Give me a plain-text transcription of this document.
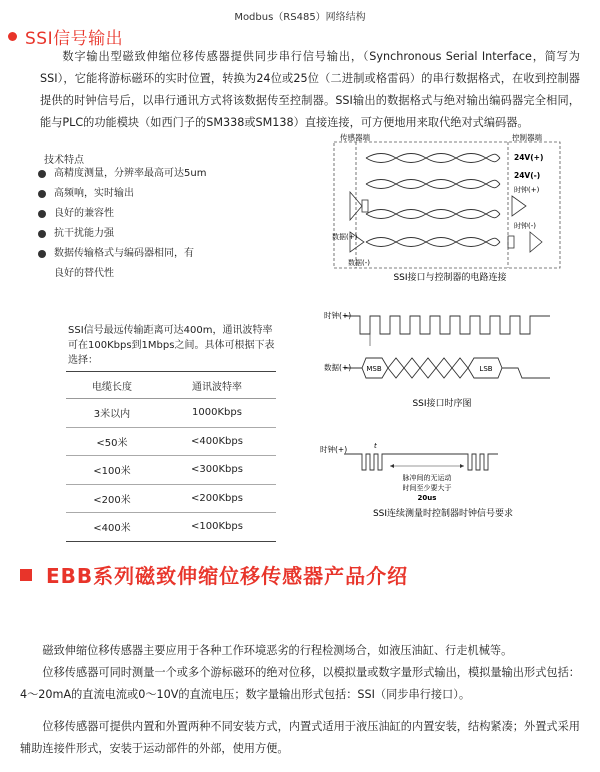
Modbus（RS485）网络结构
SSI信号输出
数字输出型磁致伸缩位移传感器提供同步串行信号输出，（Synchronous Serial Interface，简写为SSI），它能将游标磁环的实时位置，转换为24位或25位（二进制或格雷码）的串行数据格式，在收到控制器提供的时钟信号后，以串行通讯方式将该数据传至控制器。SSI输出的数据格式与绝对输出编码器完全相同，能与PLC的功能模块（如西门子的SM338或SM138）直接连接，可方便地用来取代绝对式编码器。
技术特点
高精度测量，分辨率最高可达5um
高频响，实时输出
良好的兼容性
抗干扰能力强
数据传输格式与编码器相同，有
良好的替代性
SSI信号最远传输距离可达400m，通讯波特率可在100Kbps到1Mbps之间。具体可根据下表选择：
电缆长度	通讯波特率
3米以内	1000Kbps
<50米	<400Kbps
<100米	<300Kbps
<200米	<200Kbps
<400米	<100Kbps
传感器端	控制器端
数据(+)
数据(-)
24V(+)
24V(-)
时钟(+)
时钟(-)
SSI接口与控制器的电路连接
时钟(+)
数据(+) MSB	LSB
SSI接口时序图
时钟(+)	t
脉冲间的无运动
时间至少要大于
20us
SSI连续测量时控制器时钟信号要求
EBB系列磁致伸缩位移传感器产品介绍
磁致伸缩位移传感器主要应用于各种工作环境恶劣的行程检测场合，如液压油缸、行走机械等。
位移传感器可同时测量一个或多个游标磁环的绝对位移，以模拟量或数字量形式输出，模拟量输出形式包括：4～20mA的直流电流或0～10V的直流电压；数字量输出形式包括：SSI（同步串行接口）。
位移传感器可提供内置和外置两种不同安装方式，内置式适用于液压油缸的内置安装，结构紧凑；外置式采用辅助连接件形式，安装于运动部件的外部，使用方便。
